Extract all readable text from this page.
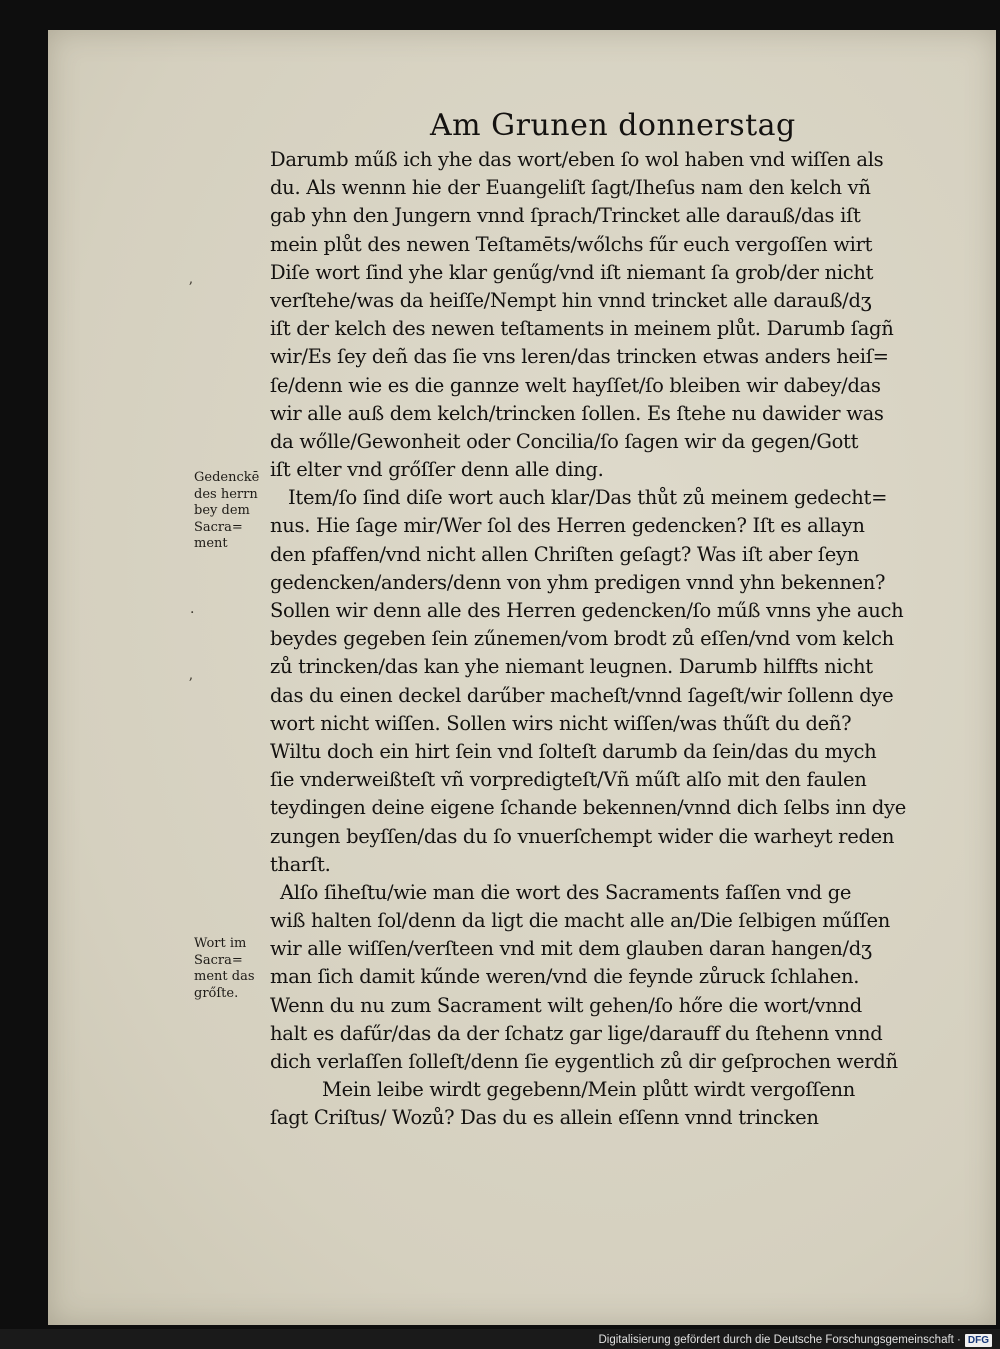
Am Grunen donnerstag
Darumb műß ich yhe das wort/eben ſo wol haben vnd wiſſen als
du. Als wennn hie der Euangeliſt ſagt/Iheſus nam den kelch vñ
gab yhn den Jungern vnnd ſprach/Trincket alle darauß/das iſt
mein plůt des newen Teſtamēts/wőlchs fűr euch vergoſſen wirt
Diſe wort ſind yhe klar genűg/vnd iſt niemant ſa grob/der nicht
verſtehe/was da heiſſe/Nempt hin vnnd trincket alle darauß/dʒ
iſt der kelch des newen teſtaments in meinem plůt. Darumb ſagñ
wir/Es ſey deñ das ſie vns leren/das trincken etwas anders heiſ=
ſe/denn wie es die gannze welt hayſſet/ſo bleiben wir dabey/das
wir alle auß dem kelch/trincken ſollen. Es ſtehe nu dawider was
da wőlle/Gewonheit oder Concilia/ſo ſagen wir da gegen/Gott
iſt elter vnd grőſſer denn alle ding.
Item/ſo ſind diſe wort auch klar/Das thůt zů meinem gedecht=
nus. Hie ſage mir/Wer ſol des Herren gedencken? Iſt es allayn
den pfaffen/vnd nicht allen Chriſten geſagt? Was iſt aber ſeyn
gedencken/anders/denn von yhm predigen vnnd yhn bekennen?
Sollen wir denn alle des Herren gedencken/ſo műß vnns yhe auch
beydes gegeben ſein zűnemen/vom brodt zů eſſen/vnd vom kelch
zů trincken/das kan yhe niemant leugnen. Darumb hilffts nicht
das du einen deckel darűber macheſt/vnnd ſageſt/wir ſollenn dye
wort nicht wiſſen. Sollen wirs nicht wiſſen/was thűſt du deñ?
Wiltu doch ein hirt ſein vnd ſolteſt darumb da ſein/das du mych
ſie vnderweißteſt vñ vorpredigteſt/Vñ műſt alſo mit den faulen
teydingen deine eigene ſchande bekennen/vnnd dich ſelbs inn dye
zungen beyſſen/das du ſo vnuerſchempt wider die warheyt reden
tharſt.
Alſo ſiheſtu/wie man die wort des Sacraments faſſen vnd ge
wiß halten ſol/denn da ligt die macht alle an/Die ſelbigen műſſen
wir alle wiſſen/verſteen vnd mit dem glauben daran hangen/dʒ
man ſich damit kűnde weren/vnd die feynde zůruck ſchlahen.
Wenn du nu zum Sacrament wilt gehen/ſo hőre die wort/vnnd
halt es dafűr/das da der ſchatz gar lige/darauff du ſtehenn vnnd
dich verlaſſen ſolleſt/denn ſie eygentlich zů dir geſprochen werdñ
Mein leibe wirdt gegebenn/Mein plůtt wirdt vergoſſenn
ſagt Criſtus/ Wozů? Das du es allein eſſenn vnnd trincken
Gedenckē
des herrn
bey dem
Sacra=
ment
Wort im
Sacra=
ment das
grőſte.
ʼ
·
ʼ
Digitalisierung gefördert durch die Deutsche Forschungsgemeinschaft · DFG
